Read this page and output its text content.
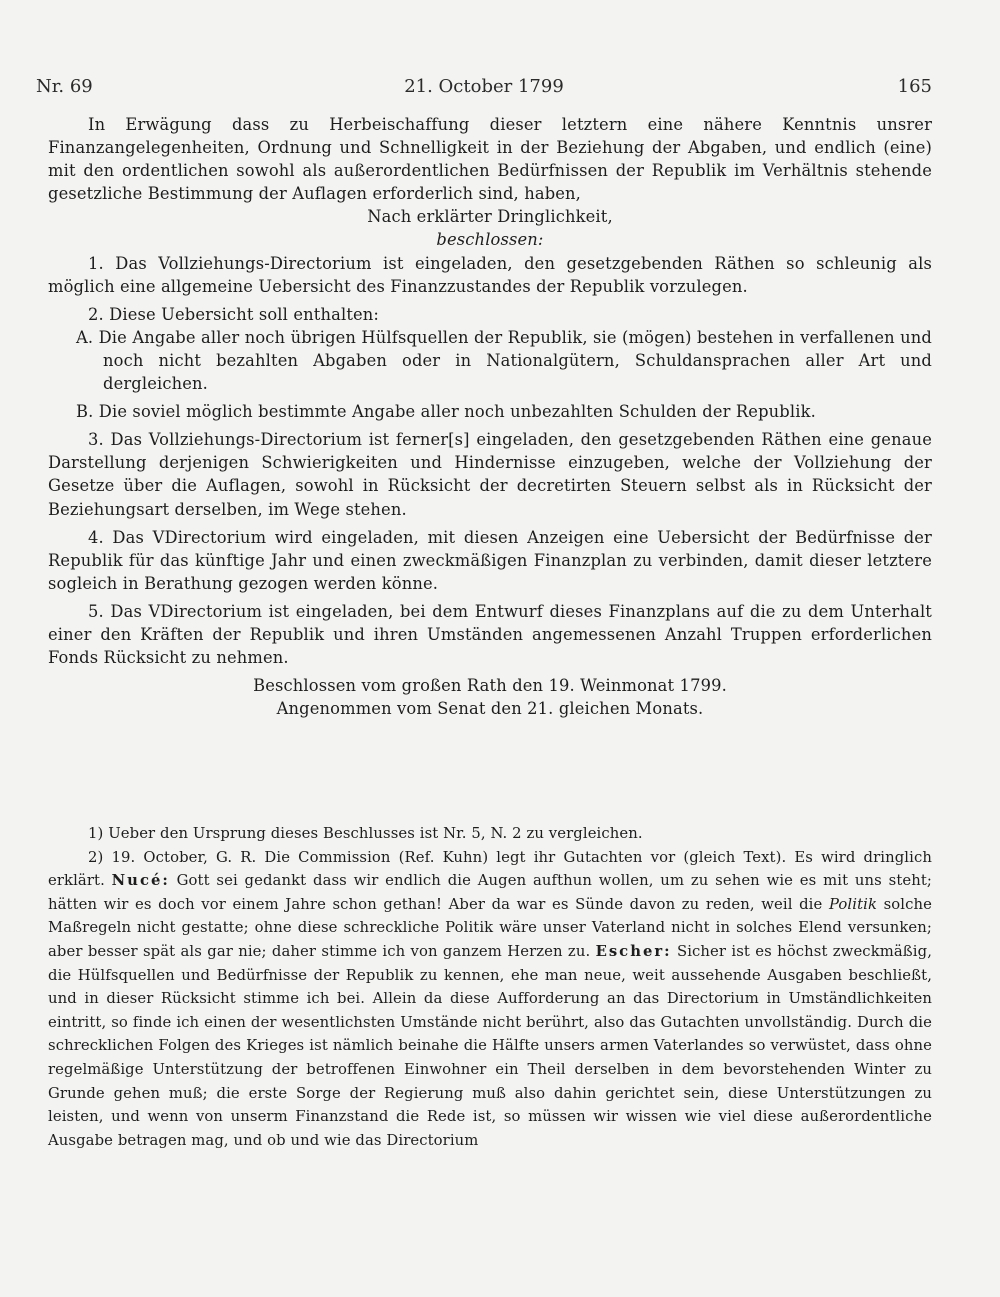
Nr. 69	21. October 1799	165

In Erwägung dass zu Herbeischaffung dieser letztern eine nähere Kenntnis unsrer Finanzangelegenheiten, Ordnung und Schnelligkeit in der Beziehung der Abgaben, und endlich (eine) mit den ordentlichen sowohl als außerordentlichen Bedürfnissen der Republik im Verhältnis stehende gesetzliche Bestimmung der Auflagen erforderlich sind, haben,

Nach erklärter Dringlichkeit,

beschlossen:

1. Das Vollziehungs-Directorium ist eingeladen, den gesetzgebenden Räthen so schleunig als möglich eine allgemeine Uebersicht des Finanzzustandes der Republik vorzulegen.

2. Diese Uebersicht soll enthalten:

A. Die Angabe aller noch übrigen Hülfsquellen der Republik, sie (mögen) bestehen in verfallenen und noch nicht bezahlten Abgaben oder in Nationalgütern, Schuldansprachen aller Art und dergleichen.

B. Die soviel möglich bestimmte Angabe aller noch unbezahlten Schulden der Republik.

3. Das Vollziehungs-Directorium ist ferner[s] eingeladen, den gesetzgebenden Räthen eine genaue Darstellung derjenigen Schwierigkeiten und Hindernisse einzugeben, welche der Vollziehung der Gesetze über die Auflagen, sowohl in Rücksicht der decretirten Steuern selbst als in Rücksicht der Beziehungsart derselben, im Wege stehen.

4. Das VDirectorium wird eingeladen, mit diesen Anzeigen eine Uebersicht der Bedürfnisse der Republik für das künftige Jahr und einen zweckmäßigen Finanzplan zu verbinden, damit dieser letztere sogleich in Berathung gezogen werden könne.

5. Das VDirectorium ist eingeladen, bei dem Entwurf dieses Finanzplans auf die zu dem Unterhalt einer den Kräften der Republik und ihren Umständen angemessenen Anzahl Truppen erforderlichen Fonds Rücksicht zu nehmen.

Beschlossen vom großen Rath den 19. Weinmonat 1799.

Angenommen vom Senat den 21. gleichen Monats.

1) Ueber den Ursprung dieses Beschlusses ist Nr. 5, N. 2 zu vergleichen.

2) 19. October, G. R. Die Commission (Ref. Kuhn) legt ihr Gutachten vor (gleich Text). Es wird dringlich erklärt. Nucé: Gott sei gedankt dass wir endlich die Augen aufthun wollen, um zu sehen wie es mit uns steht; hätten wir es doch vor einem Jahre schon gethan! Aber da war es Sünde davon zu reden, weil die Politik solche Maßregeln nicht gestatte; ohne diese schreckliche Politik wäre unser Vaterland nicht in solches Elend versunken; aber besser spät als gar nie; daher stimme ich von ganzem Herzen zu. Escher: Sicher ist es höchst zweckmäßig, die Hülfsquellen und Bedürfnisse der Republik zu kennen, ehe man neue, weit aussehende Ausgaben beschließt, und in dieser Rücksicht stimme ich bei. Allein da diese Aufforderung an das Directorium in Umständlichkeiten eintritt, so finde ich einen der wesentlichsten Umstände nicht berührt, also das Gutachten unvollständig. Durch die schrecklichen Folgen des Krieges ist nämlich beinahe die Hälfte unsers armen Vaterlandes so verwüstet, dass ohne regelmäßige Unterstützung der betroffenen Einwohner ein Theil derselben in dem bevorstehenden Winter zu Grunde gehen muß; die erste Sorge der Regierung muß also dahin gerichtet sein, diese Unterstützungen zu leisten, und wenn von unserm Finanzstand die Rede ist, so müssen wir wissen wie viel diese außerordentliche Ausgabe betragen mag, und ob und wie das Directorium
